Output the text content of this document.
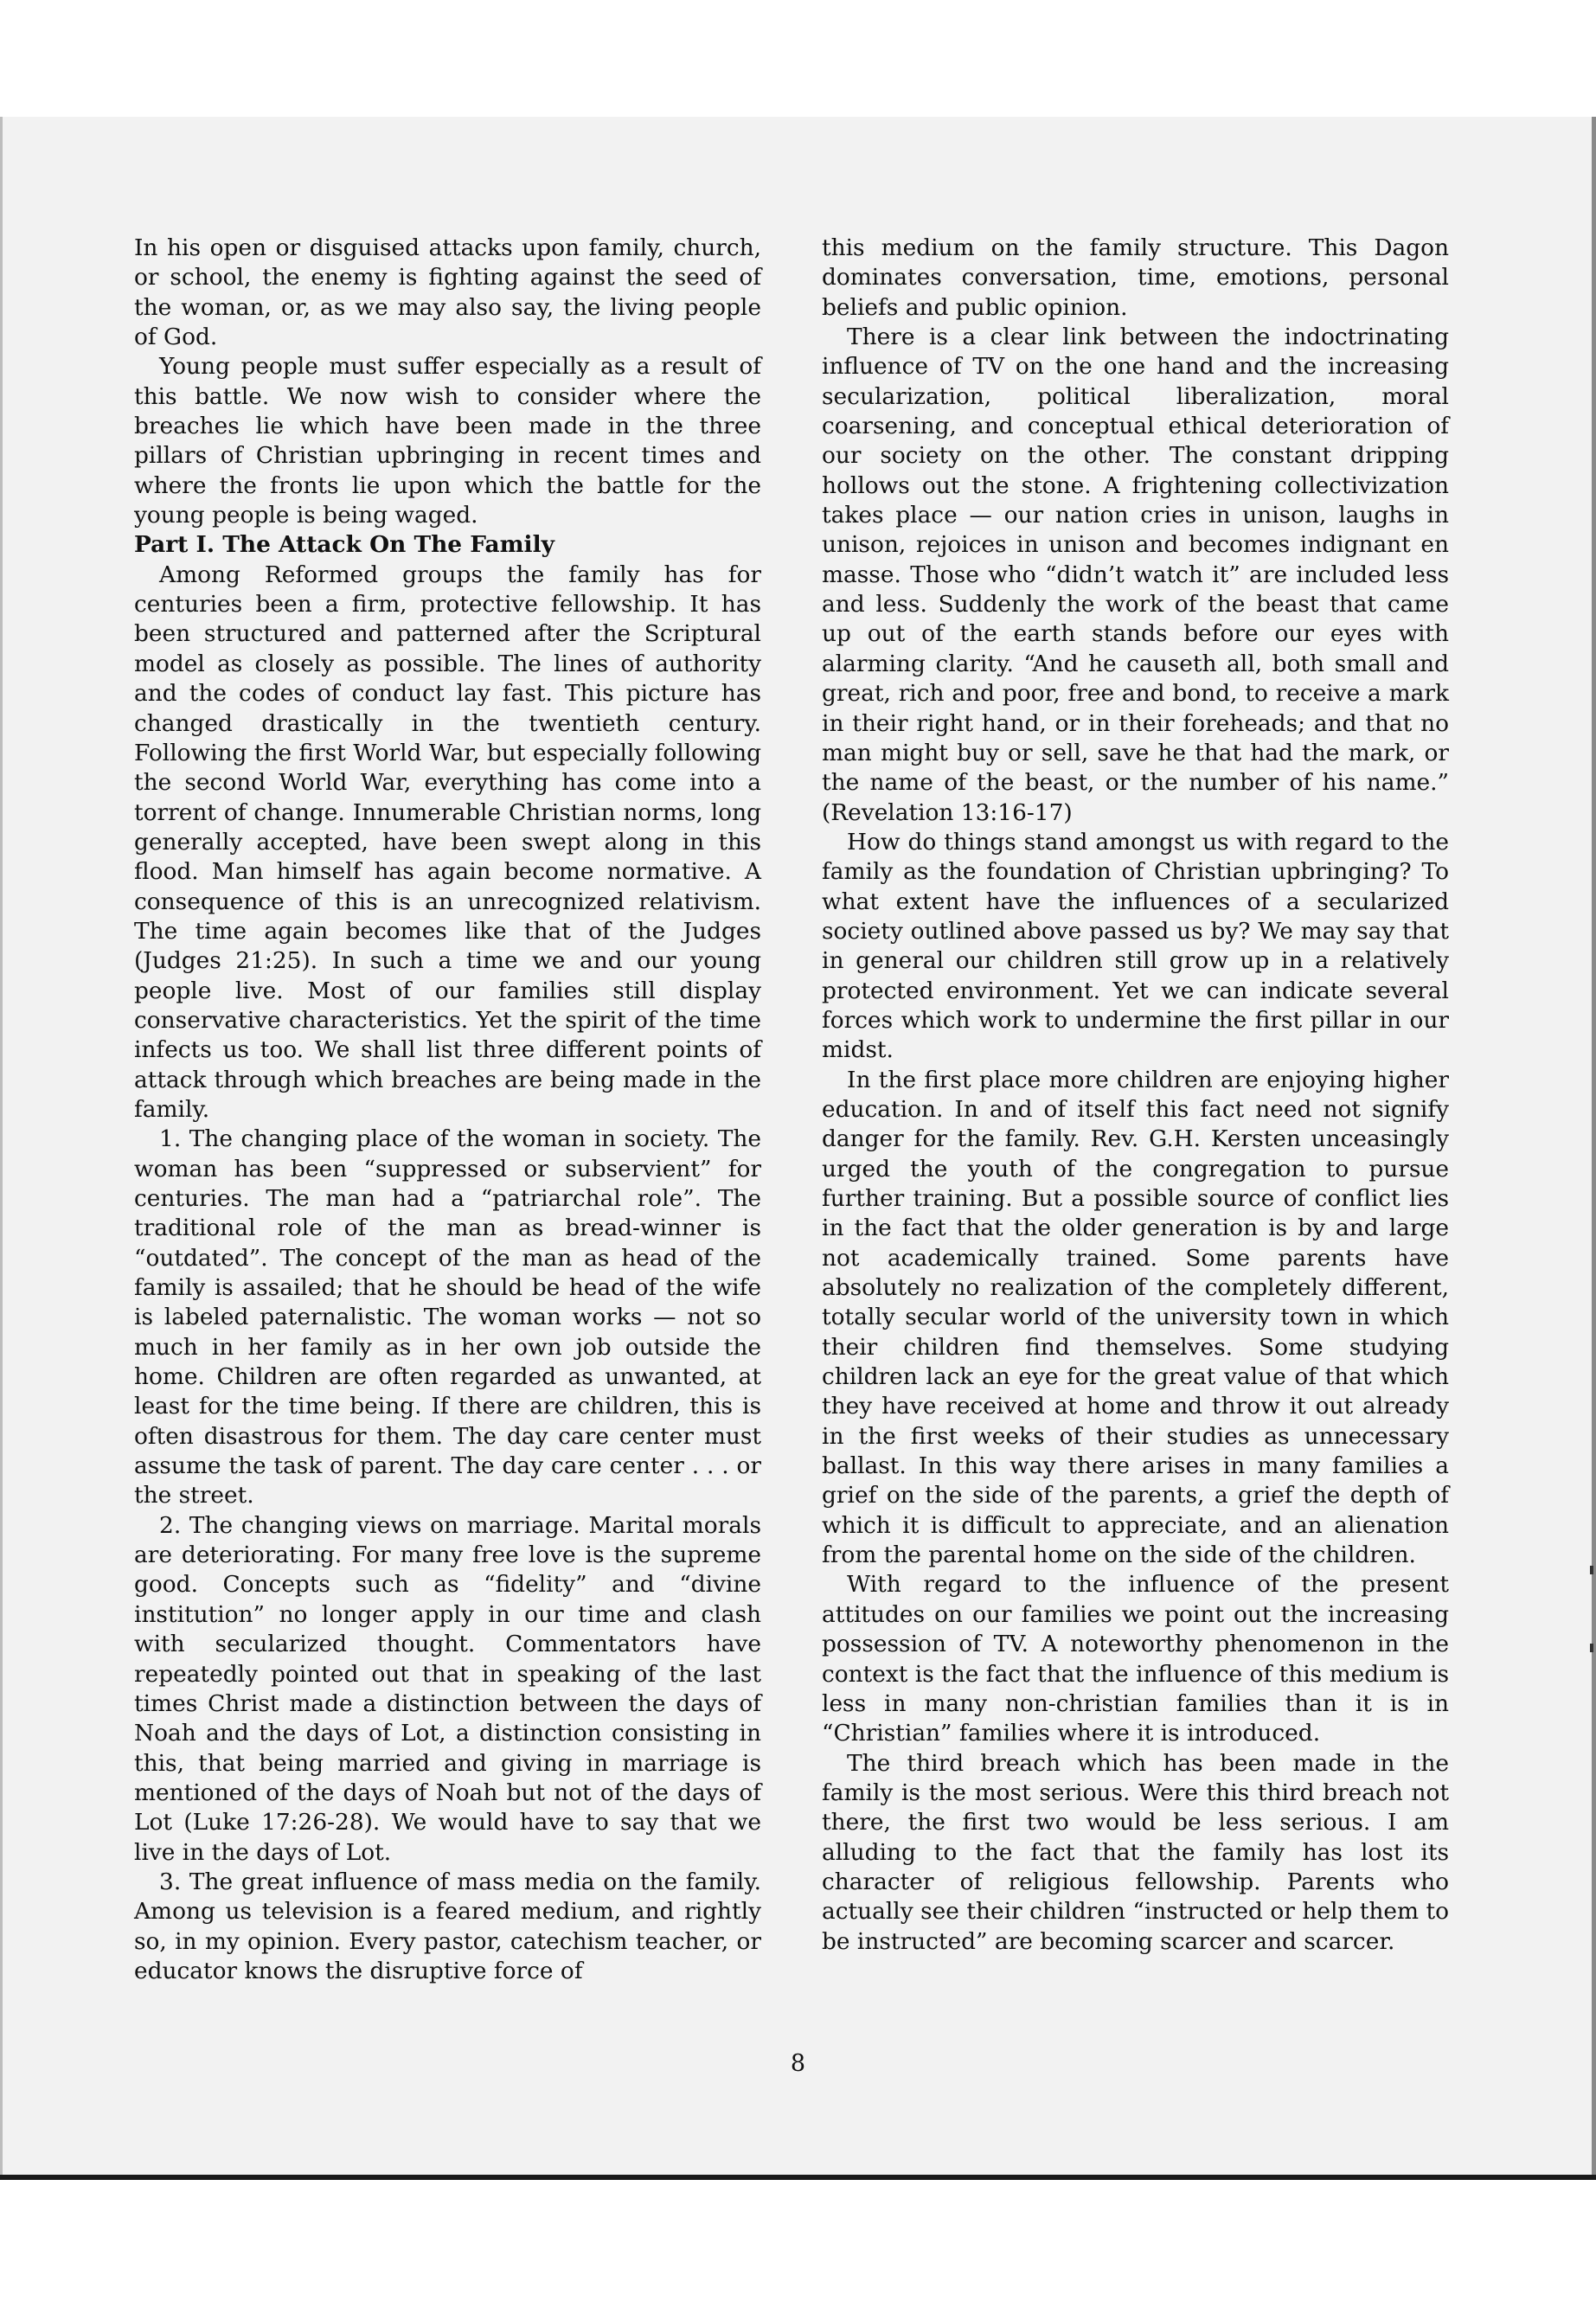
In his open or disguised attacks upon family, church, or school, the enemy is fighting against the seed of the woman, or, as we may also say, the living people of God.

Young people must suffer especially as a result of this battle. We now wish to consider where the breaches lie which have been made in the three pillars of Christian upbringing in recent times and where the fronts lie upon which the battle for the young people is being waged.

Part I. The Attack On The Family

Among Reformed groups the family has for centuries been a firm, protective fellowship. It has been structured and patterned after the Scriptural model as closely as possible. The lines of authority and the codes of conduct lay fast. This picture has changed drastically in the twentieth century. Following the first World War, but especially following the second World War, everything has come into a torrent of change. Innumerable Christian norms, long generally accepted, have been swept along in this flood. Man himself has again become normative. A consequence of this is an unrecognized relativism. The time again becomes like that of the Judges (Judges 21:25). In such a time we and our young people live. Most of our families still display conservative characteristics. Yet the spirit of the time infects us too. We shall list three different points of attack through which breaches are being made in the family.

1. The changing place of the woman in society. The woman has been “suppressed or subservient” for centuries. The man had a “patriarchal role”. The traditional role of the man as bread-winner is “outdated”. The concept of the man as head of the family is assailed; that he should be head of the wife is labeled paternalistic. The woman works — not so much in her family as in her own job outside the home. Children are often regarded as unwanted, at least for the time being. If there are children, this is often disastrous for them. The day care center must assume the task of parent. The day care center . . . or the street.

2. The changing views on marriage. Marital morals are deteriorating. For many free love is the supreme good. Concepts such as “fidelity” and “divine institution” no longer apply in our time and clash with secularized thought. Commentators have repeatedly pointed out that in speaking of the last times Christ made a distinction between the days of Noah and the days of Lot, a distinction consisting in this, that being married and giving in marriage is mentioned of the days of Noah but not of the days of Lot (Luke 17:26-28). We would have to say that we live in the days of Lot.

3. The great influence of mass media on the family. Among us television is a feared medium, and rightly so, in my opinion. Every pastor, catechism teacher, or educator knows the disruptive force of

this medium on the family structure. This Dagon dominates conversation, time, emotions, personal beliefs and public opinion.

There is a clear link between the indoctrinating influence of TV on the one hand and the increasing secularization, political liberalization, moral coarsening, and conceptual ethical deterioration of our society on the other. The constant dripping hollows out the stone. A frightening collectivization takes place — our nation cries in unison, laughs in unison, rejoices in unison and becomes indignant en masse. Those who “didn’t watch it” are included less and less. Suddenly the work of the beast that came up out of the earth stands before our eyes with alarming clarity. “And he causeth all, both small and great, rich and poor, free and bond, to receive a mark in their right hand, or in their foreheads; and that no man might buy or sell, save he that had the mark, or the name of the beast, or the number of his name.” (Revelation 13:16-17)

How do things stand amongst us with regard to the family as the foundation of Christian upbringing? To what extent have the influences of a secularized society outlined above passed us by? We may say that in general our children still grow up in a relatively protected environment. Yet we can indicate several forces which work to undermine the first pillar in our midst.

In the first place more children are enjoying higher education. In and of itself this fact need not signify danger for the family. Rev. G.H. Kersten unceasingly urged the youth of the congregation to pursue further training. But a possible source of conflict lies in the fact that the older generation is by and large not academically trained. Some parents have absolutely no realization of the completely different, totally secular world of the university town in which their children find themselves. Some studying children lack an eye for the great value of that which they have received at home and throw it out already in the first weeks of their studies as unnecessary ballast. In this way there arises in many families a grief on the side of the parents, a grief the depth of which it is difficult to appreciate, and an alienation from the parental home on the side of the children.

With regard to the influence of the present attitudes on our families we point out the increasing possession of TV. A noteworthy phenomenon in the context is the fact that the influence of this medium is less in many non-christian families than it is in “Christian” families where it is introduced.

The third breach which has been made in the family is the most serious. Were this third breach not there, the first two would be less serious. I am alluding to the fact that the family has lost its character of religious fellowship. Parents who actually see their children “instructed or help them to be instructed” are becoming scarcer and scarcer.

8
